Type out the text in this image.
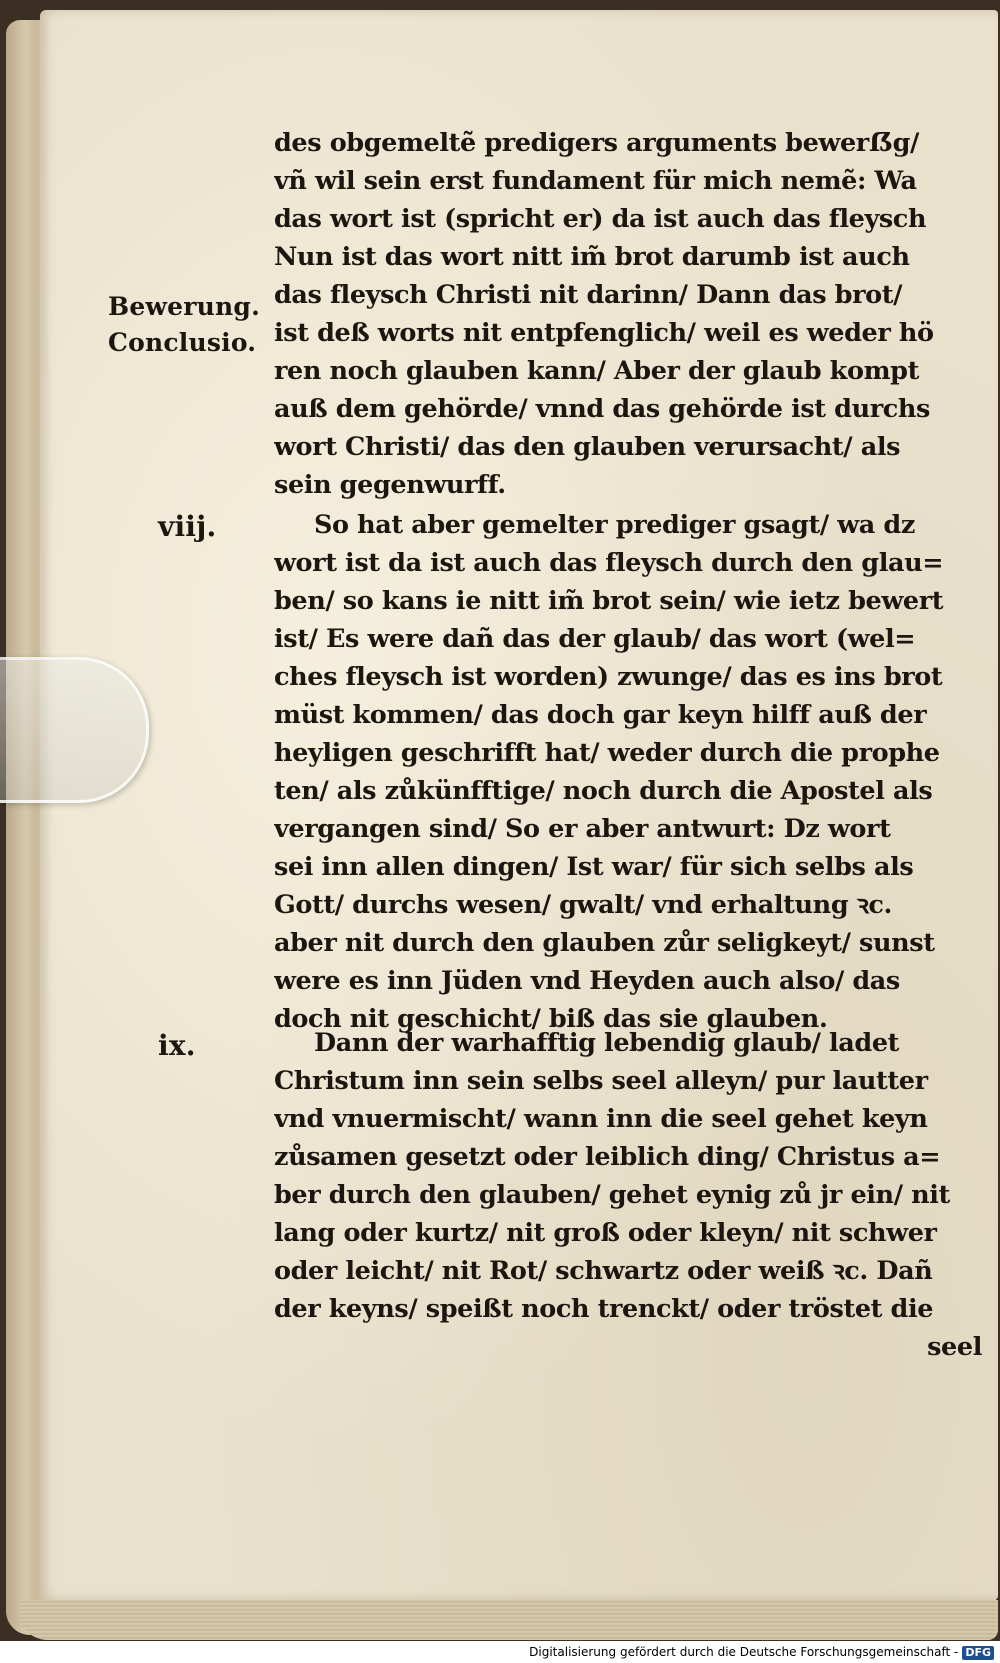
Bewerung.
Conclusio.
viij.
ix.
des obgemeltẽ predigers arguments bewerẞg/
vñ wil sein erst fundament für mich nemẽ: Wa
das wort ist (spricht er) da ist auch das fleysch
Nun ist das wort nitt im̃ brot darumb ist auch
das fleysch Christi nit darinn/ Dann das brot/
ist deß worts nit entpfenglich/ weil es weder hö
ren noch glauben kann/ Aber der glaub kompt
auß dem gehörde/ vnnd das gehörde ist durchs
wort Christi/ das den glauben verursacht/ als
sein gegenwurff.
So hat aber gemelter prediger gsagt/ wa dz
wort ist da ist auch das fleysch durch den glau=
ben/ so kans ie nitt im̃ brot sein/ wie ietz bewert
ist/ Es were dañ das der glaub/ das wort (wel=
ches fleysch ist worden) zwunge/ das es ins brot
müst kommen/ das doch gar keyn hilff auß der
heyligen geschrifft hat/ weder durch die prophe
ten/ als zůkünfftige/ noch durch die Apostel als
vergangen sind/ So er aber antwurt: Dz wort
sei inn allen dingen/ Ist war/ für sich selbs als
Gott/ durchs wesen/ gwalt/ vnd erhaltung ꝛc.
aber nit durch den glauben zůr seligkeyt/ sunst
were es inn Jüden vnd Heyden auch also/ das
doch nit geschicht/ biß das sie glauben.
Dann der warhafftig lebendig glaub/ ladet
Christum inn sein selbs seel alleyn/ pur lautter
vnd vnuermischt/ wann inn die seel gehet keyn
zůsamen gesetzt oder leiblich ding/ Christus a=
ber durch den glauben/ gehet eynig zů jr ein/ nit
lang oder kurtz/ nit groß oder kleyn/ nit schwer
oder leicht/ nit Rot/ schwartz oder weiß ꝛc. Dañ
der keyns/ speißt noch trenckt/ oder tröstet die
seel
Digitalisierung gefördert durch die Deutsche Forschungsgemeinschaft - DFG
